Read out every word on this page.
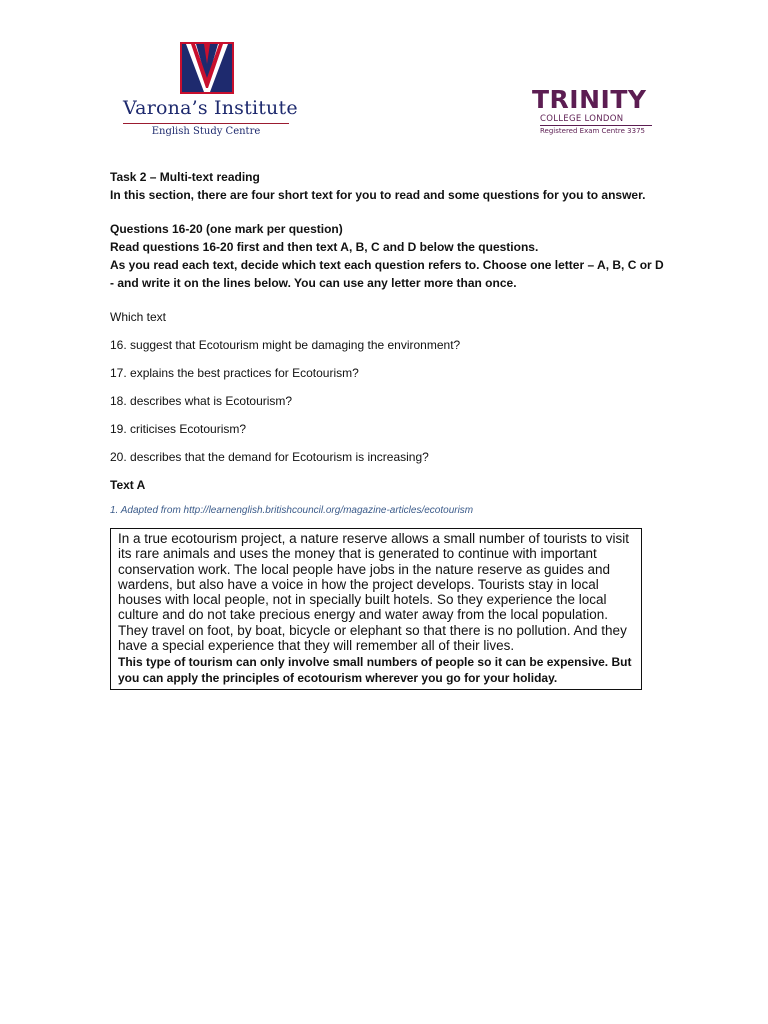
Varona’s Institute
English Study Centre
TRINITY
COLLEGE LONDON
Registered Exam Centre 3375

Task 2 – Multi-text reading

In this section, there are four short text for you to read and some questions for you to answer.

Questions 16-20 (one mark per question)

Read questions 16-20 first and then text A, B, C and D below the questions.

As you read each text, decide which text each question refers to. Choose one letter – A, B, C or D - and write it on the lines below. You can use any letter more than once.

Which text

16. suggest that Ecotourism might be damaging the environment?

17. explains the best practices for Ecotourism?

18. describes what is Ecotourism?

19. criticises Ecotourism?

20. describes that the demand for Ecotourism is increasing?

Text A

1. Adapted from http://learnenglish.britishcouncil.org/magazine-articles/ecotourism

In a true ecotourism project, a nature reserve allows a small number of tourists to visit its rare animals and uses the money that is generated to continue with important conservation work. The local people have jobs in the nature reserve as guides and wardens, but also have a voice in how the project develops. Tourists stay in local houses with local people, not in specially built hotels. So they experience the local culture and do not take precious energy and water away from the local population. They travel on foot, by boat, bicycle or elephant so that there is no pollution. And they have a special experience that they will remember all of their lives.
This type of tourism can only involve small numbers of people so it can be expensive. But you can apply the principles of ecotourism wherever you go for your holiday.
